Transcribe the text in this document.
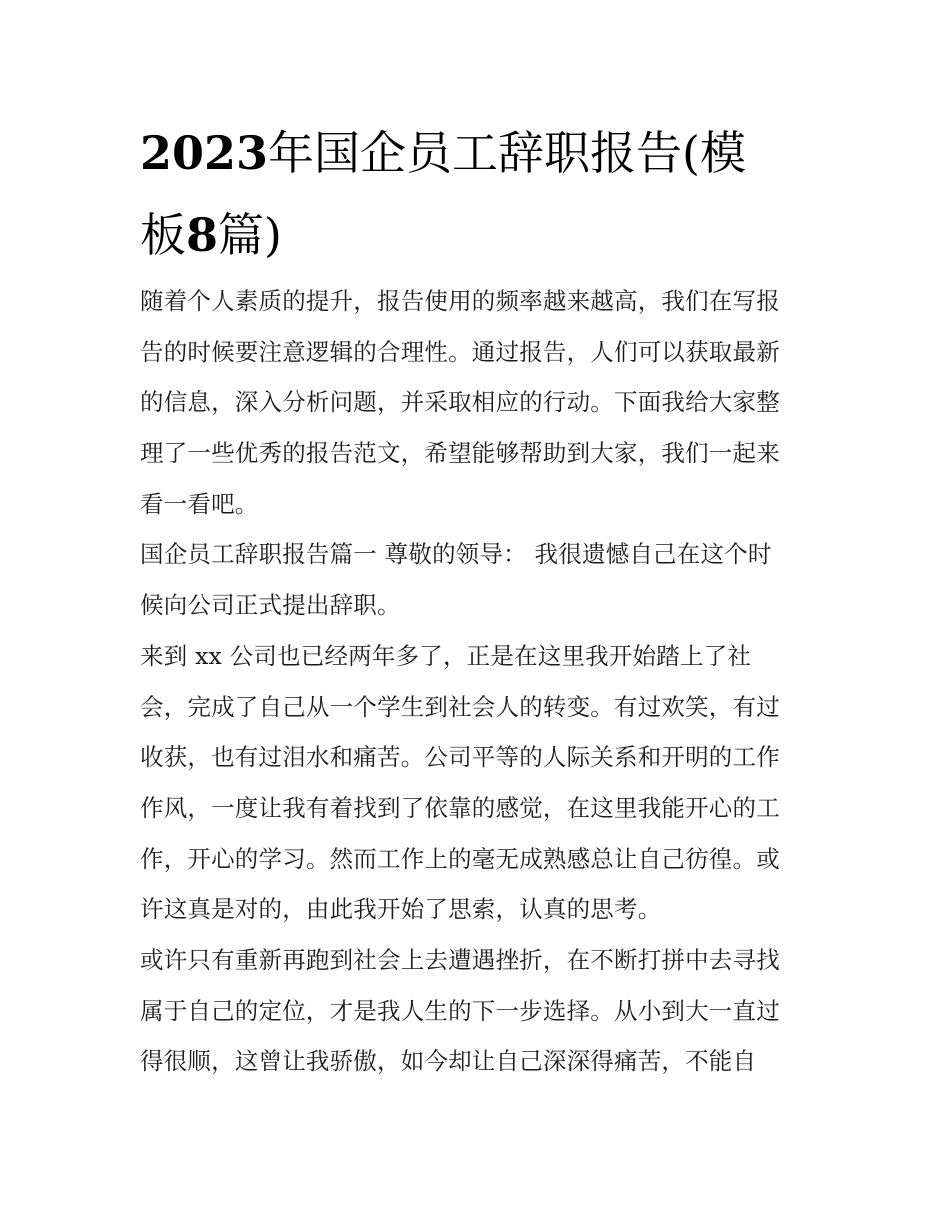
2023年国企员工辞职报告(模
板8篇)
随着个人素质的提升，报告使用的频率越来越高，我们在写报
告的时候要注意逻辑的合理性。通过报告，人们可以获取最新
的信息，深入分析问题，并采取相应的行动。下面我给大家整
理了一些优秀的报告范文，希望能够帮助到大家，我们一起来
看一看吧。
国企员工辞职报告篇一 尊敬的领导： 我很遗憾自己在这个时
候向公司正式提出辞职。
来到 xx 公司也已经两年多了，正是在这里我开始踏上了社
会，完成了自己从一个学生到社会人的转变。有过欢笑，有过
收获，也有过泪水和痛苦。公司平等的人际关系和开明的工作
作风，一度让我有着找到了依靠的感觉，在这里我能开心的工
作，开心的学习。然而工作上的毫无成熟感总让自己彷徨。或
许这真是对的，由此我开始了思索，认真的思考。
或许只有重新再跑到社会上去遭遇挫折，在不断打拼中去寻找
属于自己的定位，才是我人生的下一步选择。从小到大一直过
得很顺，这曾让我骄傲，如今却让自己深深得痛苦，不能自
